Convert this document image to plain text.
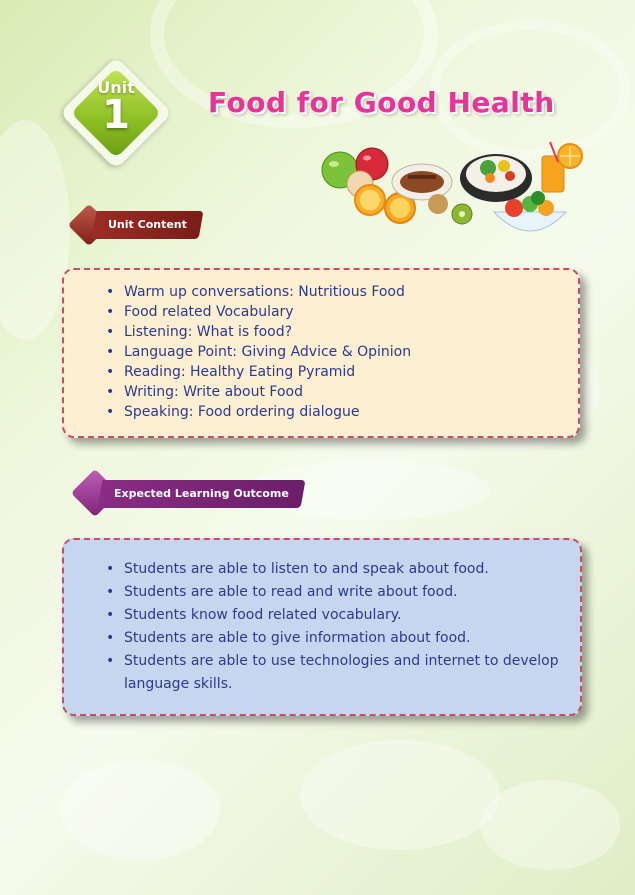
Unit
1	Food for Good Health
Unit Content
• Warm up conversations: Nutritious Food
• Food related Vocabulary
• Listening: What is food?
• Language Point: Giving Advice & Opinion
• Reading: Healthy Eating Pyramid
• Writing: Write about Food
• Speaking: Food ordering dialogue
Expected Learning Outcome
• Students are able to listen to and speak about food.
• Students are able to read and write about food.
• Students know food related vocabulary.
• Students are able to give information about food.
• Students are able to use technologies and internet to develop language skills.
